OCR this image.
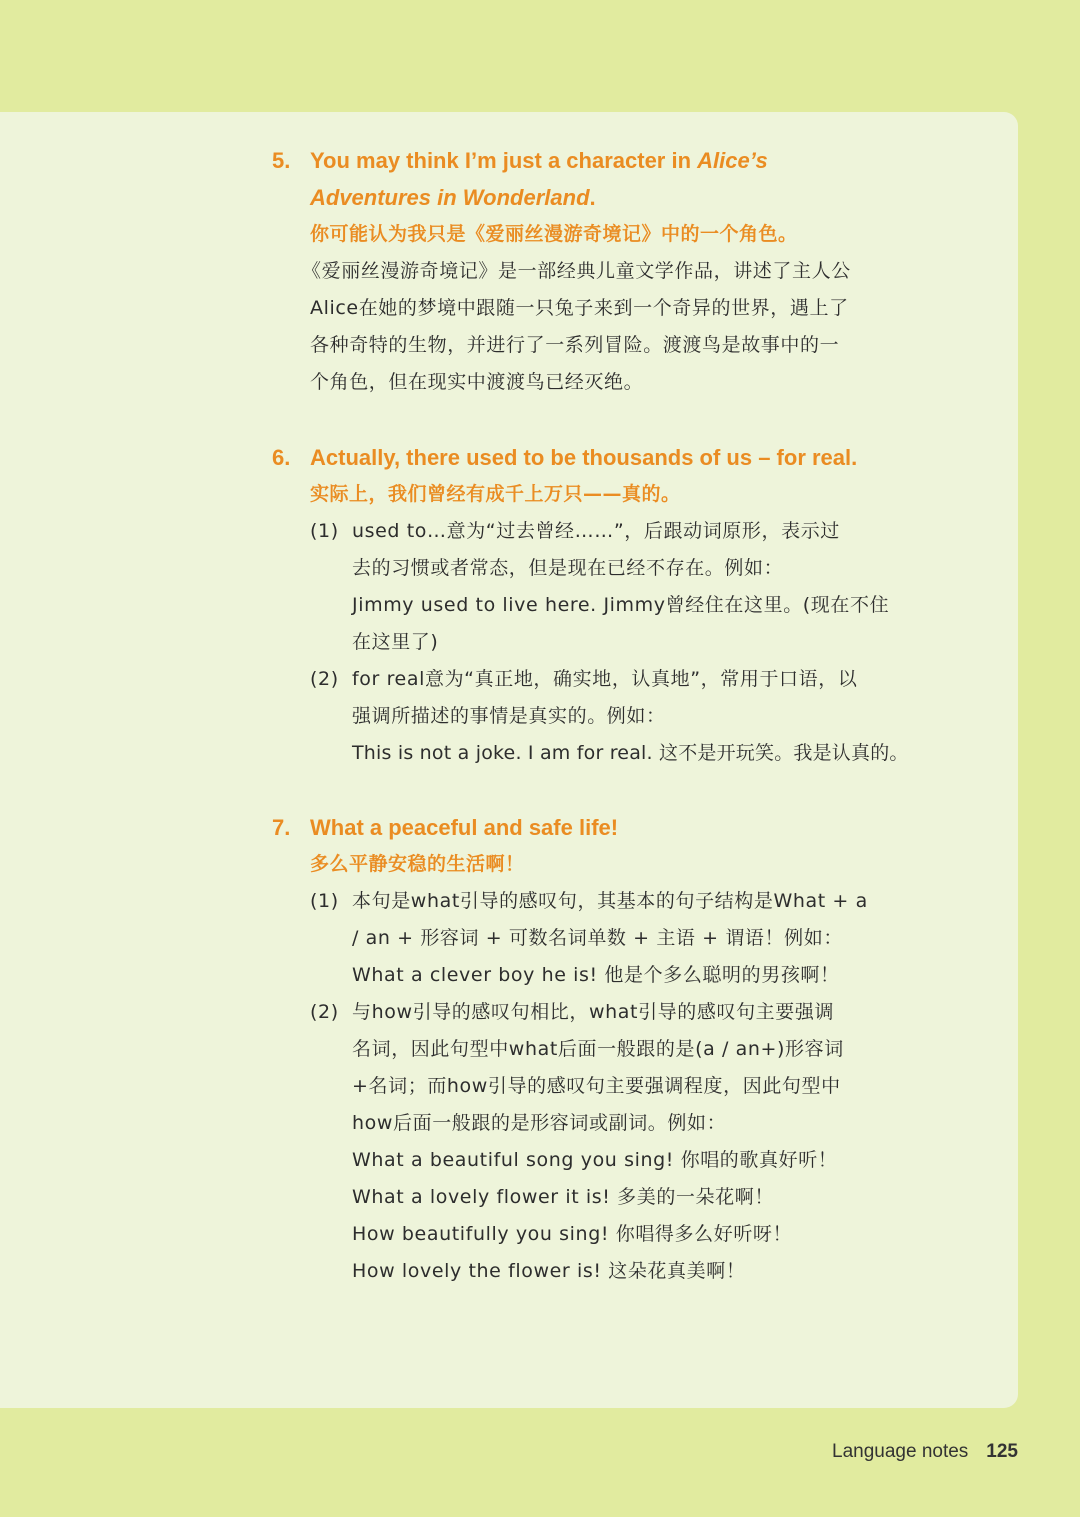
5. You may think I’m just a character in Alice’s
Adventures in Wonderland.
你可能认为我只是《爱丽丝漫游奇境记》中的一个角色。
《爱丽丝漫游奇境记》是一部经典儿童文学作品，讲述了主人公
Alice在她的梦境中跟随一只兔子来到一个奇异的世界，遇上了
各种奇特的生物，并进行了一系列冒险。渡渡鸟是故事中的一
个角色，但在现实中渡渡鸟已经灭绝。
6. Actually, there used to be thousands of us – for real.
实际上，我们曾经有成千上万只——真的。
(1) used to…意为“过去曾经……”，后跟动词原形，表示过
去的习惯或者常态，但是现在已经不存在。例如：
Jimmy used to live here. Jimmy曾经住在这里。(现在不住
在这里了)
(2) for real意为“真正地，确实地，认真地”，常用于口语，以
强调所描述的事情是真实的。例如：
This is not a joke. I am for real. 这不是开玩笑。我是认真的。
7. What a peaceful and safe life!
多么平静安稳的生活啊！
(1) 本句是what引导的感叹句，其基本的句子结构是What + a
/ an + 形容词 + 可数名词单数 + 主语 + 谓语！例如：
What a clever boy he is! 他是个多么聪明的男孩啊！
(2) 与how引导的感叹句相比，what引导的感叹句主要强调
名词，因此句型中what后面一般跟的是(a / an+)形容词
+名词；而how引导的感叹句主要强调程度，因此句型中
how后面一般跟的是形容词或副词。例如：
What a beautiful song you sing! 你唱的歌真好听！
What a lovely flower it is! 多美的一朵花啊！
How beautifully you sing! 你唱得多么好听呀！
How lovely the flower is! 这朵花真美啊！
Language notes 125
